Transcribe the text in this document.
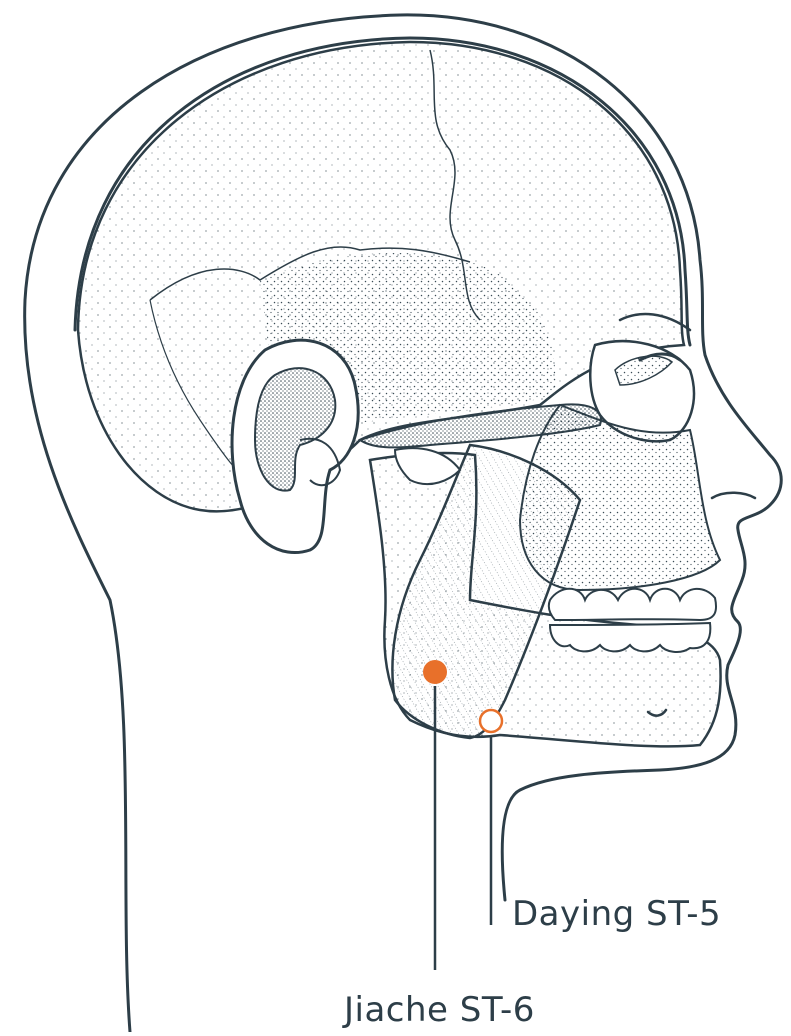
Daying ST-5
Jiache ST-6
